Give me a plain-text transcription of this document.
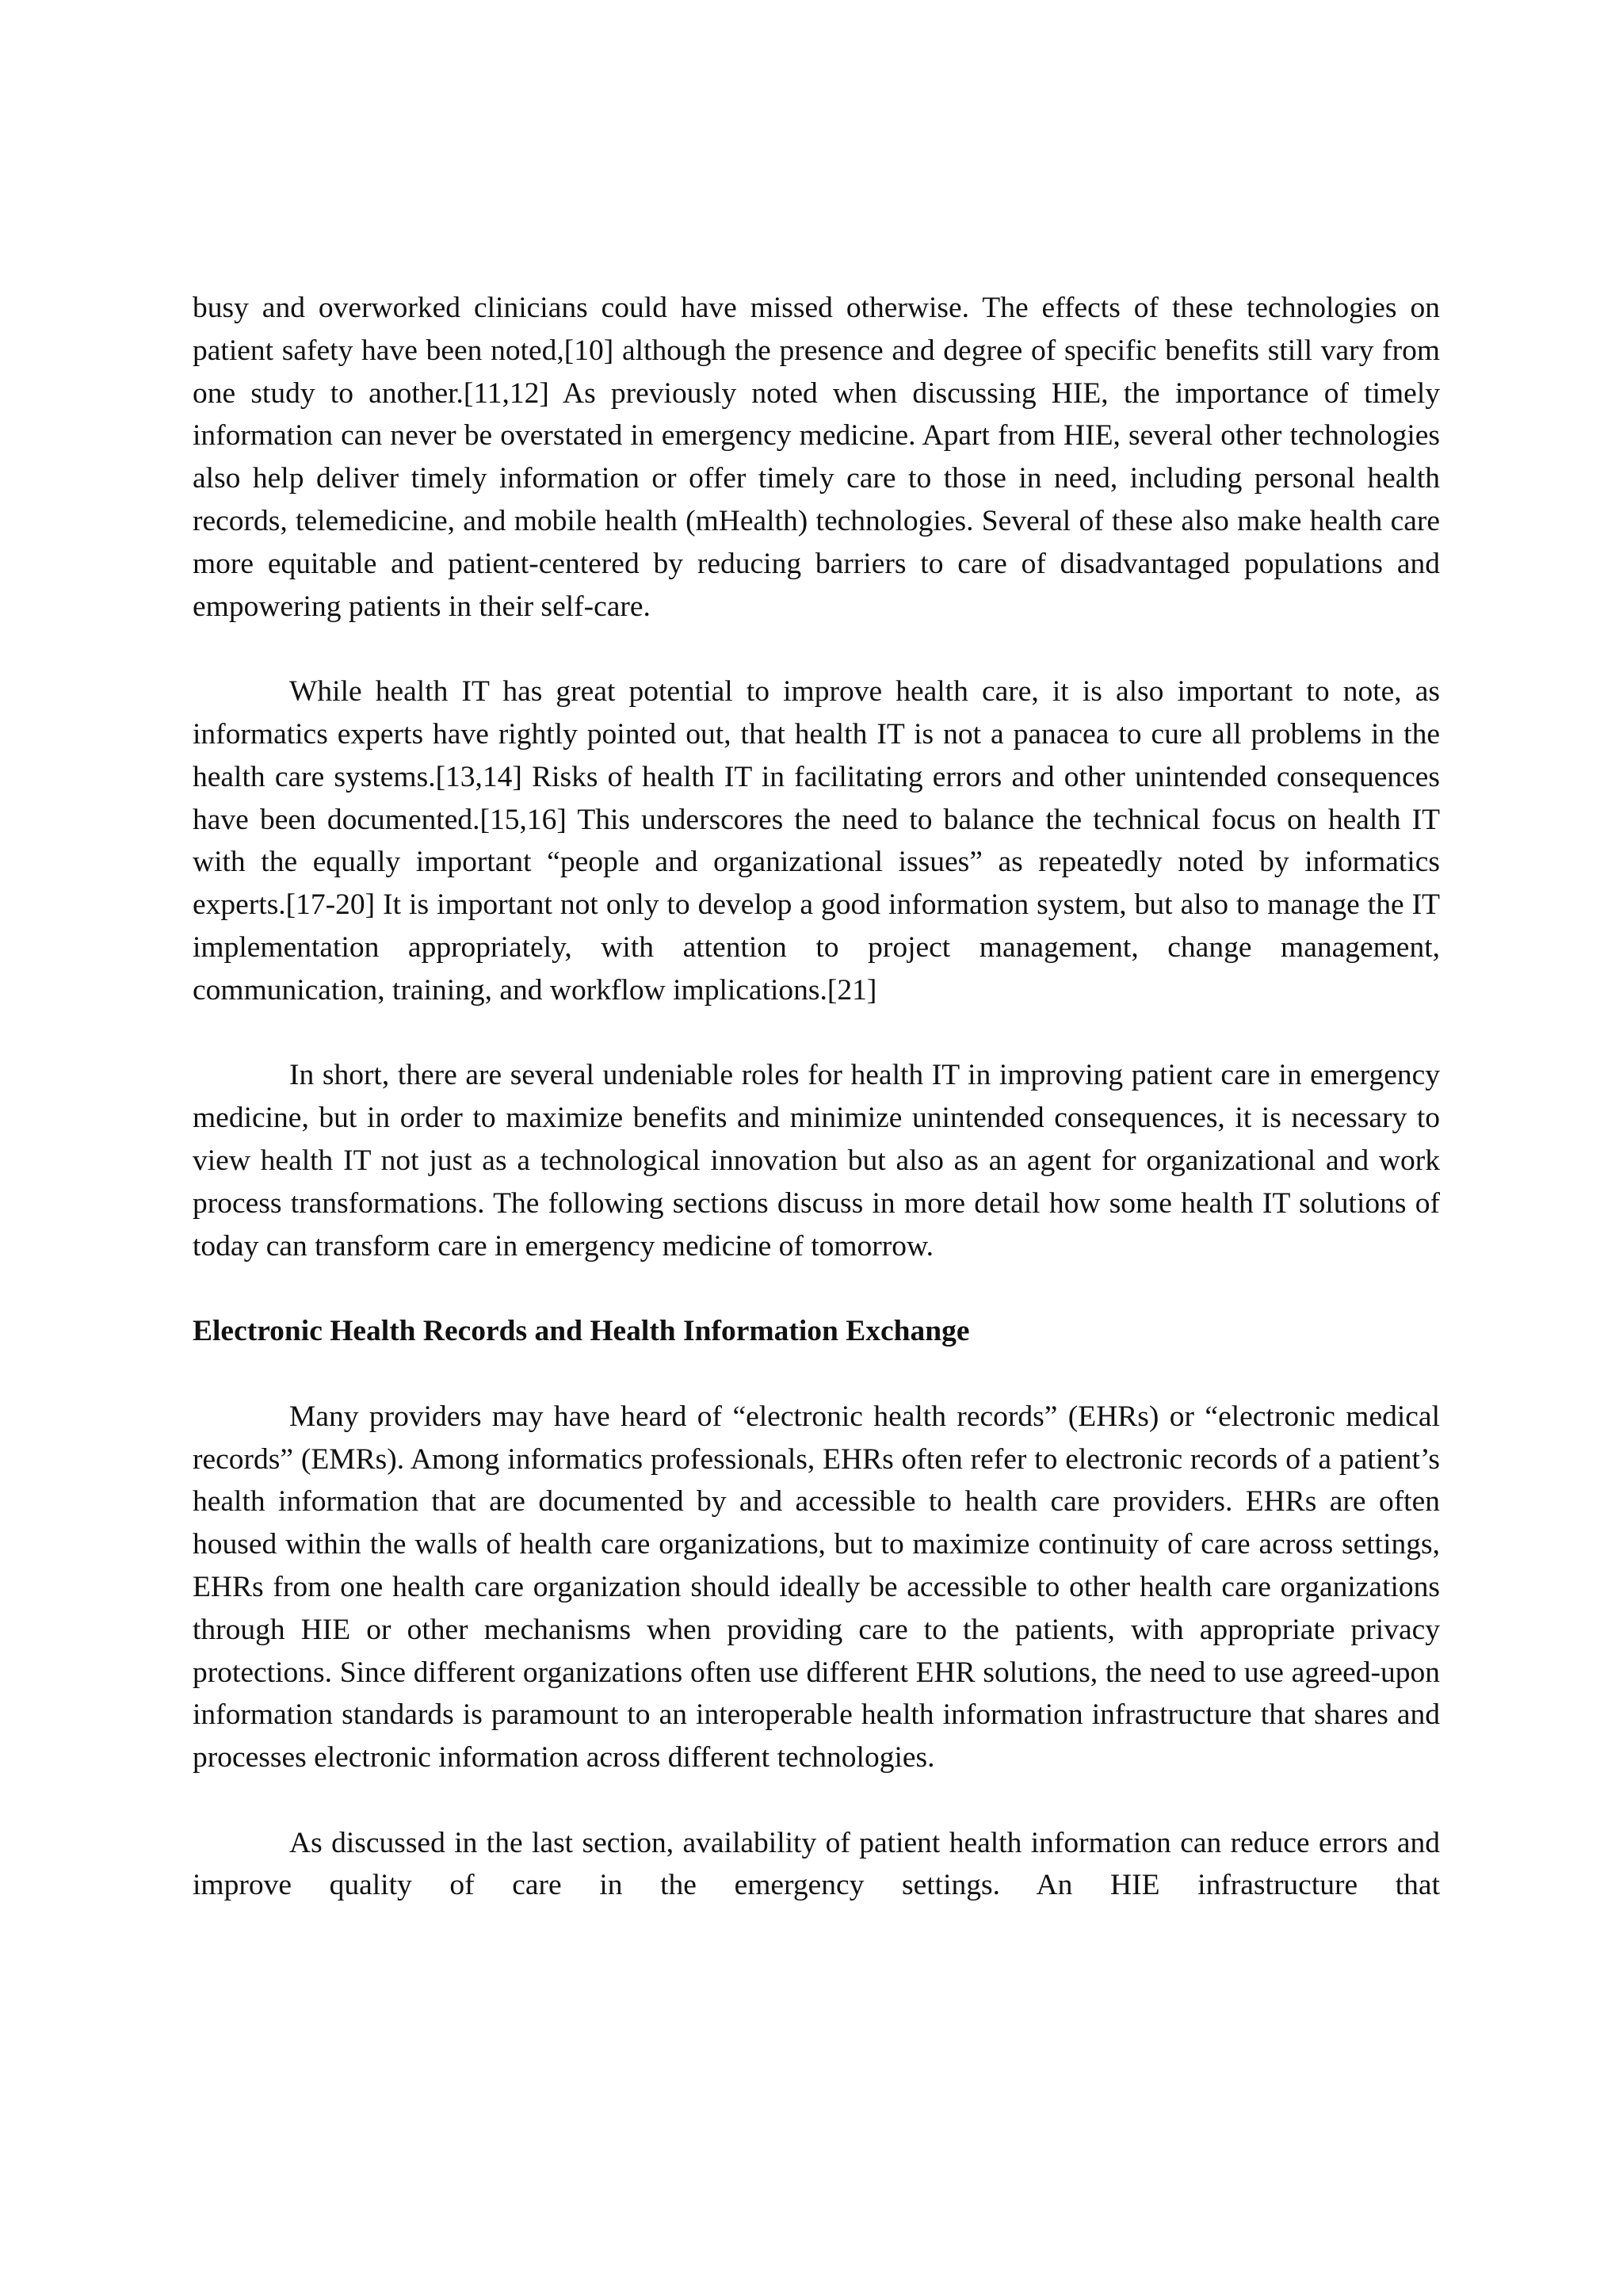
busy and overworked clinicians could have missed otherwise. The effects of these technologies on patient safety have been noted,[10] although the presence and degree of specific benefits still vary from one study to another.[11,12] As previously noted when discussing HIE, the importance of timely information can never be overstated in emergency medicine. Apart from HIE, several other technologies also help deliver timely information or offer timely care to those in need, including personal health records, telemedicine, and mobile health (mHealth) technologies. Several of these also make health care more equitable and patient-centered by reducing barriers to care of disadvantaged populations and empowering patients in their self-care.

While health IT has great potential to improve health care, it is also important to note, as informatics experts have rightly pointed out, that health IT is not a panacea to cure all problems in the health care systems.[13,14] Risks of health IT in facilitating errors and other unintended consequences have been documented.[15,16] This underscores the need to balance the technical focus on health IT with the equally important “people and organizational issues” as repeatedly noted by informatics experts.[17-20] It is important not only to develop a good information system, but also to manage the IT implementation appropriately, with attention to project management, change management, communication, training, and workflow implications.[21]

In short, there are several undeniable roles for health IT in improving patient care in emergency medicine, but in order to maximize benefits and minimize unintended consequences, it is necessary to view health IT not just as a technological innovation but also as an agent for organizational and work process transformations. The following sections discuss in more detail how some health IT solutions of today can transform care in emergency medicine of tomorrow.

Electronic Health Records and Health Information Exchange

Many providers may have heard of “electronic health records” (EHRs) or “electronic medical records” (EMRs). Among informatics professionals, EHRs often refer to electronic records of a patient’s health information that are documented by and accessible to health care providers. EHRs are often housed within the walls of health care organizations, but to maximize continuity of care across settings, EHRs from one health care organization should ideally be accessible to other health care organizations through HIE or other mechanisms when providing care to the patients, with appropriate privacy protections. Since different organizations often use different EHR solutions, the need to use agreed-upon information standards is paramount to an interoperable health information infrastructure that shares and processes electronic information across different technologies.

As discussed in the last section, availability of patient health information can reduce errors and improve quality of care in the emergency settings. An HIE infrastructure that
